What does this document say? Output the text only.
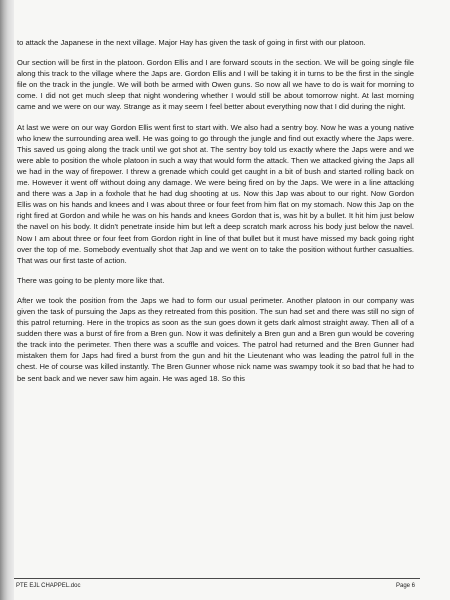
to attack the Japanese in the next village. Major Hay has given the task of going in first with our platoon.

Our section will be first in the platoon. Gordon Ellis and I are forward scouts in the section. We will be going single file along this track to the village where the Japs are. Gordon Ellis and I will be taking it in turns to be the first in the single file on the track in the jungle. We will both be armed with Owen guns. So now all we have to do is wait for morning to come. I did not get much sleep that night wondering whether I would still be about tomorrow night. At last morning came and we were on our way. Strange as it may seem I feel better about everything now that I did during the night.

At last we were on our way Gordon Ellis went first to start with. We also had a sentry boy. Now he was a young native who knew the surrounding area well. He was going to go through the jungle and find out exactly where the Japs were. This saved us going along the track until we got shot at. The sentry boy told us exactly where the Japs were and we were able to position the whole platoon in such a way that would form the attack. Then we attacked giving the Japs all we had in the way of firepower. I threw a grenade which could get caught in a bit of bush and started rolling back on me. However it went off without doing any damage. We were being fired on by the Japs. We were in a line attacking and there was a Jap in a foxhole that he had dug shooting at us. Now this Jap was about to our right. Now Gordon Ellis was on his hands and knees and I was about three or four feet from him flat on my stomach. Now this Jap on the right fired at Gordon and while he was on his hands and knees Gordon that is, was hit by a bullet. It hit him just below the navel on his body. It didn't penetrate inside him but left a deep scratch mark across his body just below the navel. Now I am about three or four feet from Gordon right in line of that bullet but it must have missed my back going right over the top of me. Somebody eventually shot that Jap and we went on to take the position without further casualties. That was our first taste of action.

There was going to be plenty more like that.

After we took the position from the Japs we had to form our usual perimeter. Another platoon in our company was given the task of pursuing the Japs as they retreated from this position. The sun had set and there was still no sign of this patrol returning. Here in the tropics as soon as the sun goes down it gets dark almost straight away. Then all of a sudden there was a burst of fire from a Bren gun. Now it was definitely a Bren gun and a Bren gun would be covering the track into the perimeter. Then there was a scuffle and voices. The patrol had returned and the Bren Gunner had mistaken them for Japs had fired a burst from the gun and hit the Lieutenant who was leading the patrol full in the chest. He of course was killed instantly. The Bren Gunner whose nick name was swampy took it so bad that he had to be sent back and we never saw him again. He was aged 18. So this

PTE EJL CHAPPEL.doc	Page 6
